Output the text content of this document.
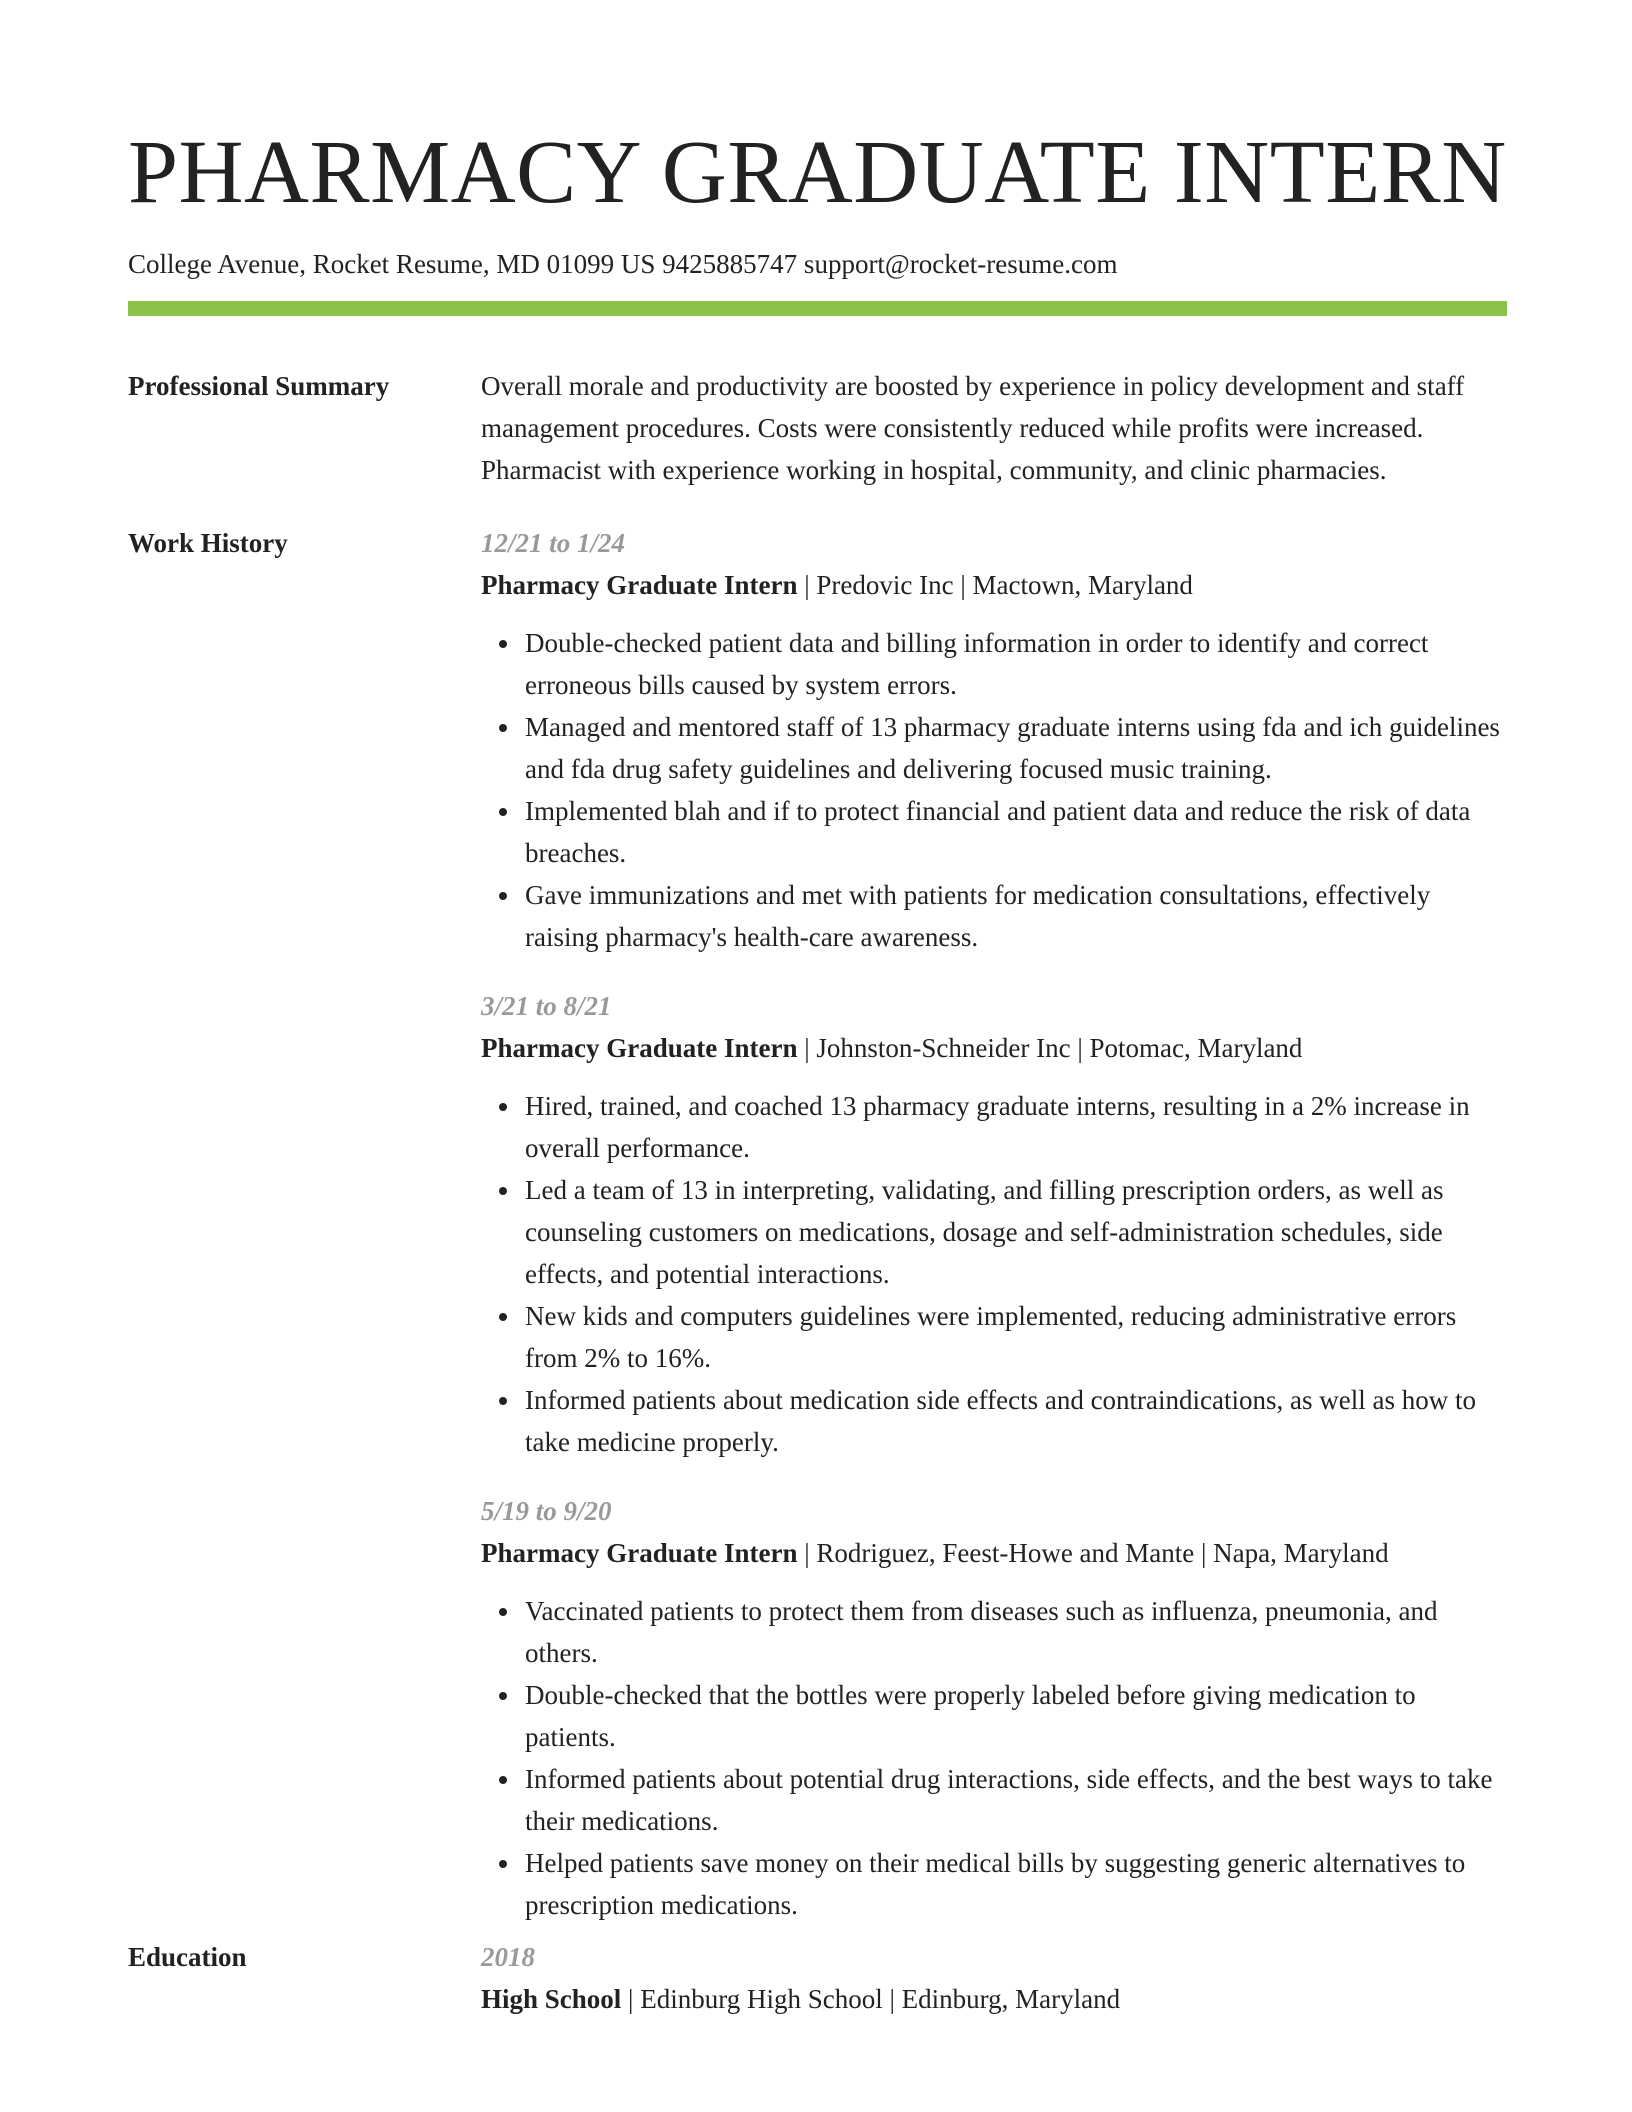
PHARMACY GRADUATE INTERN
College Avenue, Rocket Resume, MD 01099 US 9425885747 support@rocket-resume.com
Professional Summary	Overall morale and productivity are boosted by experience in policy development and staff management procedures. Costs were consistently reduced while profits were increased. Pharmacist with experience working in hospital, community, and clinic pharmacies.

Work History	12/21 to 1/24
Pharmacy Graduate Intern | Predovic Inc | Mactown, Maryland
Double-checked patient data and billing information in order to identify and correct erroneous bills caused by system errors.
Managed and mentored staff of 13 pharmacy graduate interns using fda and ich guidelines and fda drug safety guidelines and delivering focused music training.
Implemented blah and if to protect financial and patient data and reduce the risk of data breaches.
Gave immunizations and met with patients for medication consultations, effectively raising pharmacy's health-care awareness.
3/21 to 8/21
Pharmacy Graduate Intern | Johnston-Schneider Inc | Potomac, Maryland
Hired, trained, and coached 13 pharmacy graduate interns, resulting in a 2% increase in overall performance.
Led a team of 13 in interpreting, validating, and filling prescription orders, as well as counseling customers on medications, dosage and self-administration schedules, side effects, and potential interactions.
New kids and computers guidelines were implemented, reducing administrative errors from 2% to 16%.
Informed patients about medication side effects and contraindications, as well as how to take medicine properly.
5/19 to 9/20
Pharmacy Graduate Intern | Rodriguez, Feest-Howe and Mante | Napa, Maryland
Vaccinated patients to protect them from diseases such as influenza, pneumonia, and others.
Double-checked that the bottles were properly labeled before giving medication to patients.
Informed patients about potential drug interactions, side effects, and the best ways to take their medications.
Helped patients save money on their medical bills by suggesting generic alternatives to prescription medications.
Education	2018
High School | Edinburg High School | Edinburg, Maryland
